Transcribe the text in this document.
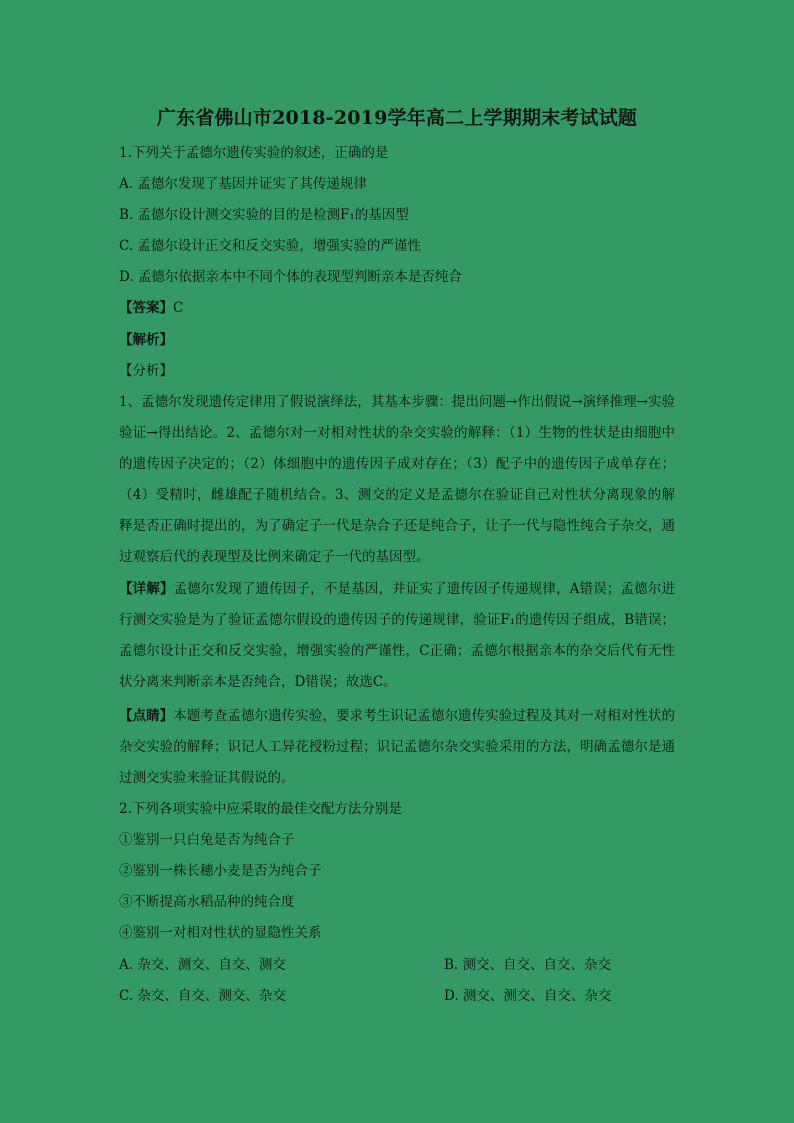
广东省佛山市2018-2019学年高二上学期期末考试试题
1.下列关于孟德尔遗传实验的叙述，正确的是
A. 孟德尔发现了基因并证实了其传递规律
B. 孟德尔设计测交实验的目的是检测F₁的基因型
C. 孟德尔设计正交和反交实验，增强实验的严谨性
D. 孟德尔依据亲本中不同个体的表现型判断亲本是否纯合
【答案】C
【解析】
【分析】
1、孟德尔发现遗传定律用了假说演绎法，其基本步骤：提出问题→作出假说→演绎推理→实验验证→得出结论。2、孟德尔对一对相对性状的杂交实验的解释：（1）生物的性状是由细胞中的遗传因子决定的；（2）体细胞中的遗传因子成对存在；（3）配子中的遗传因子成单存在；（4）受精时，雌雄配子随机结合。3、测交的定义是孟德尔在验证自己对性状分离现象的解释是否正确时提出的，为了确定子一代是杂合子还是纯合子，让子一代与隐性纯合子杂交，通过观察后代的表现型及比例来确定子一代的基因型。
【详解】孟德尔发现了遗传因子，不是基因，并证实了遗传因子传递规律，A错误；孟德尔进行测交实验是为了验证孟德尔假设的遗传因子的传递规律，验证F₁的遗传因子组成，B错误；孟德尔设计正交和反交实验，增强实验的严谨性，C正确；孟德尔根据亲本的杂交后代有无性状分离来判断亲本是否纯合，D错误；故选C。
【点睛】本题考查孟德尔遗传实验，要求考生识记孟德尔遗传实验过程及其对一对相对性状的杂交实验的解释；识记人工异花授粉过程；识记孟德尔杂交实验采用的方法，明确孟德尔是通过测交实验来验证其假说的。
2.下列各项实验中应采取的最佳交配方法分别是
①鉴别一只白兔是否为纯合子
②鉴别一株长穗小麦是否为纯合子
③不断提高水稻品种的纯合度
④鉴别一对相对性状的显隐性关系
A. 杂交、测交、自交、测交	B. 测交、自交、自交、杂交
C. 杂交、自交、测交、杂交	D. 测交、测交、自交、杂交
